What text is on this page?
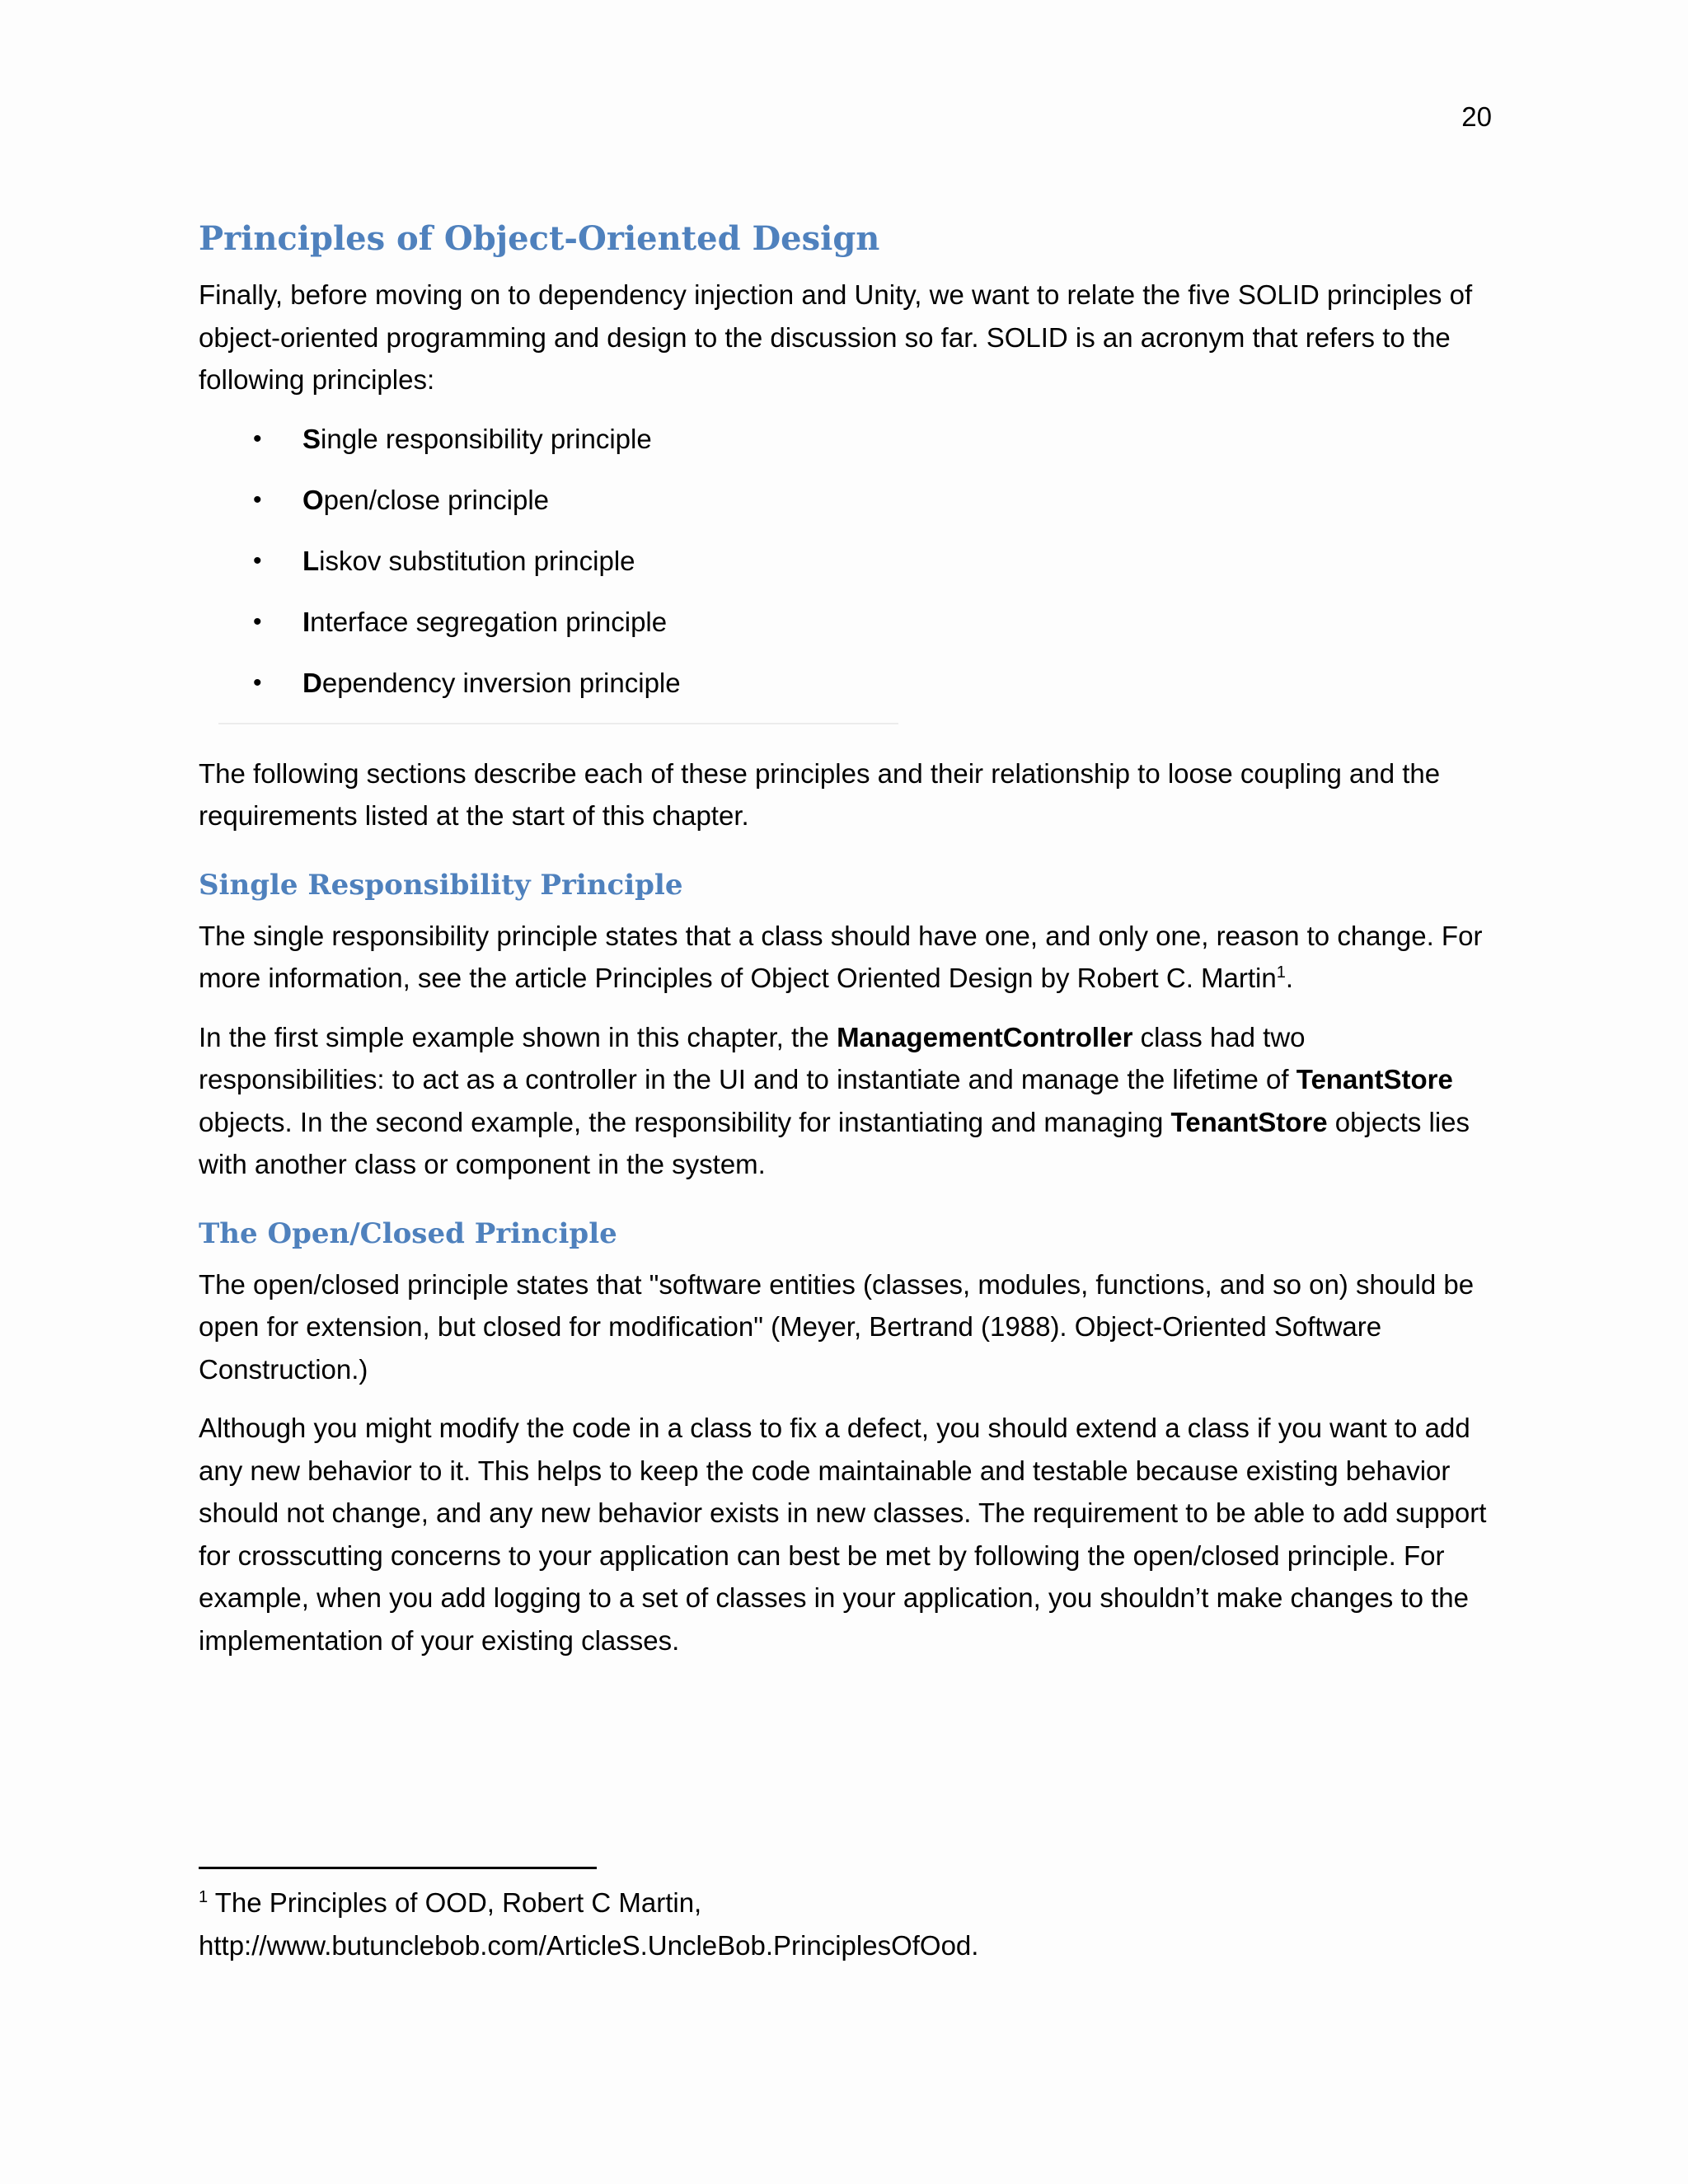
20
Principles of Object-Oriented Design

Finally, before moving on to dependency injection and Unity, we want to relate the five SOLID principles of object-oriented programming and design to the discussion so far. SOLID is an acronym that refers to the following principles:

• Single responsibility principle
• Open/close principle
• Liskov substitution principle
• Interface segregation principle
• Dependency inversion principle

The following sections describe each of these principles and their relationship to loose coupling and the requirements listed at the start of this chapter.

Single Responsibility Principle

The single responsibility principle states that a class should have one, and only one, reason to change. For more information, see the article Principles of Object Oriented Design by Robert C. Martin$^1$.

In the first simple example shown in this chapter, the ManagementController class had two responsibilities: to act as a controller in the UI and to instantiate and manage the lifetime of TenantStore objects. In the second example, the responsibility for instantiating and managing TenantStore objects lies with another class or component in the system.

The Open/Closed Principle

The open/closed principle states that "software entities (classes, modules, functions, and so on) should be open for extension, but closed for modification" (Meyer, Bertrand (1988). Object-Oriented Software Construction.)

Although you might modify the code in a class to fix a defect, you should extend a class if you want to add any new behavior to it. This helps to keep the code maintainable and testable because existing behavior should not change, and any new behavior exists in new classes. The requirement to be able to add support for crosscutting concerns to your application can best be met by following the open/closed principle. For example, when you add logging to a set of classes in your application, you shouldn’t make changes to the implementation of your existing classes.

$^1$ The Principles of OOD, Robert C Martin,
http://www.butunclebob.com/ArticleS.UncleBob.PrinciplesOfOod.
